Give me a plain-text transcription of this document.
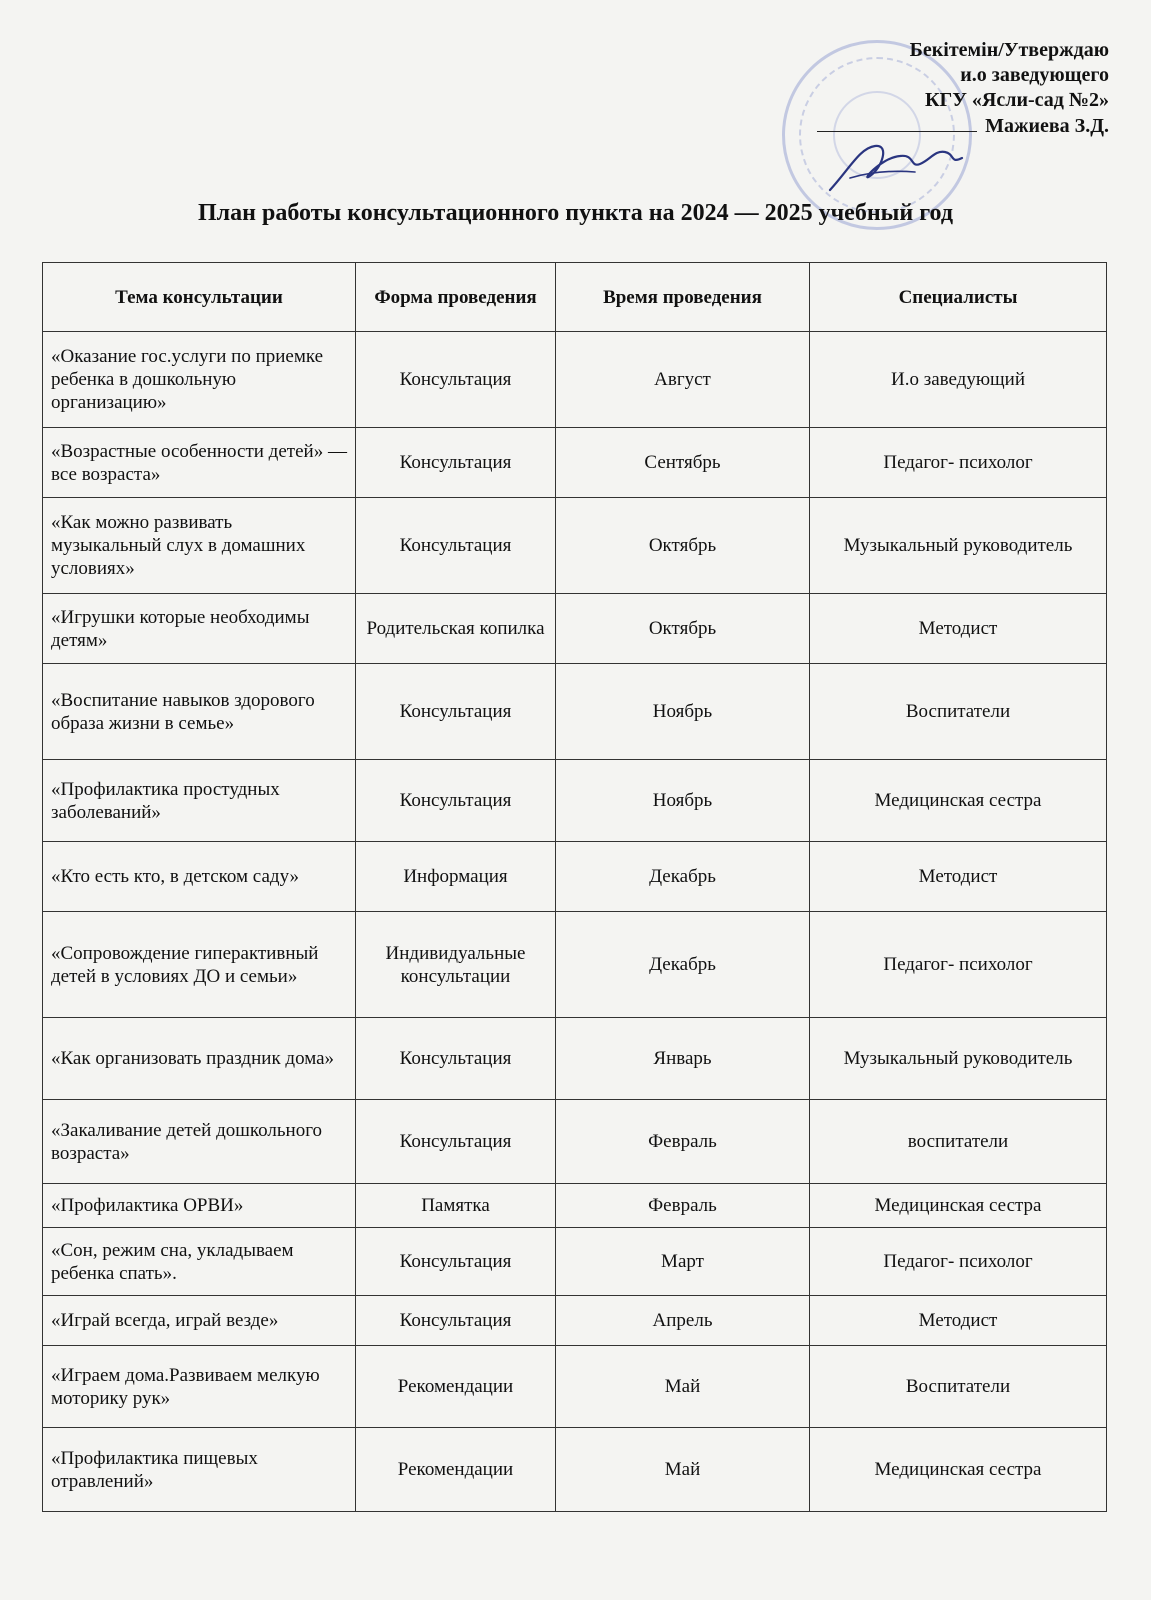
Бекітемін/Утверждаю
и.о заведующего
КГУ «Ясли-сад №2»
Мажиева З.Д.
План работы консультационного пункта на 2024 — 2025 учебный год
Тема консультации	Форма проведения	Время проведения	Специалисты
«Оказание гос.услуги по приемке ребенка в дошкольную организацию»	Консультация	Август	И.о заведующий
«Возрастные особенности детей» — все возраста»	Консультация	Сентябрь	Педагог- психолог
«Как можно развивать музыкальный слух в домашних условиях»	Консультация	Октябрь	Музыкальный руководитель
«Игрушки которые необходимы детям»	Родительская копилка	Октябрь	Методист
«Воспитание навыков здорового образа жизни в семье»	Консультация	Ноябрь	Воспитатели
«Профилактика простудных заболеваний»	Консультация	Ноябрь	Медицинская сестра
«Кто есть кто, в детском саду»	Информация	Декабрь	Методист
«Сопровождение гиперактивный детей в условиях ДО и семьи»	Индивидуальные консультации	Декабрь	Педагог- психолог
«Как организовать праздник дома»	Консультация	Январь	Музыкальный руководитель
«Закаливание детей дошкольного возраста»	Консультация	Февраль	воспитатели
«Профилактика ОРВИ»	Памятка	Февраль	Медицинская сестра
«Сон, режим сна, укладываем ребенка спать».	Консультация	Март	Педагог- психолог
«Играй всегда, играй везде»	Консультация	Апрель	Методист
«Играем дома.Развиваем мелкую моторику рук»	Рекомендации	Май	Воспитатели
«Профилактика пищевых отравлений»	Рекомендации	Май	Медицинская сестра
